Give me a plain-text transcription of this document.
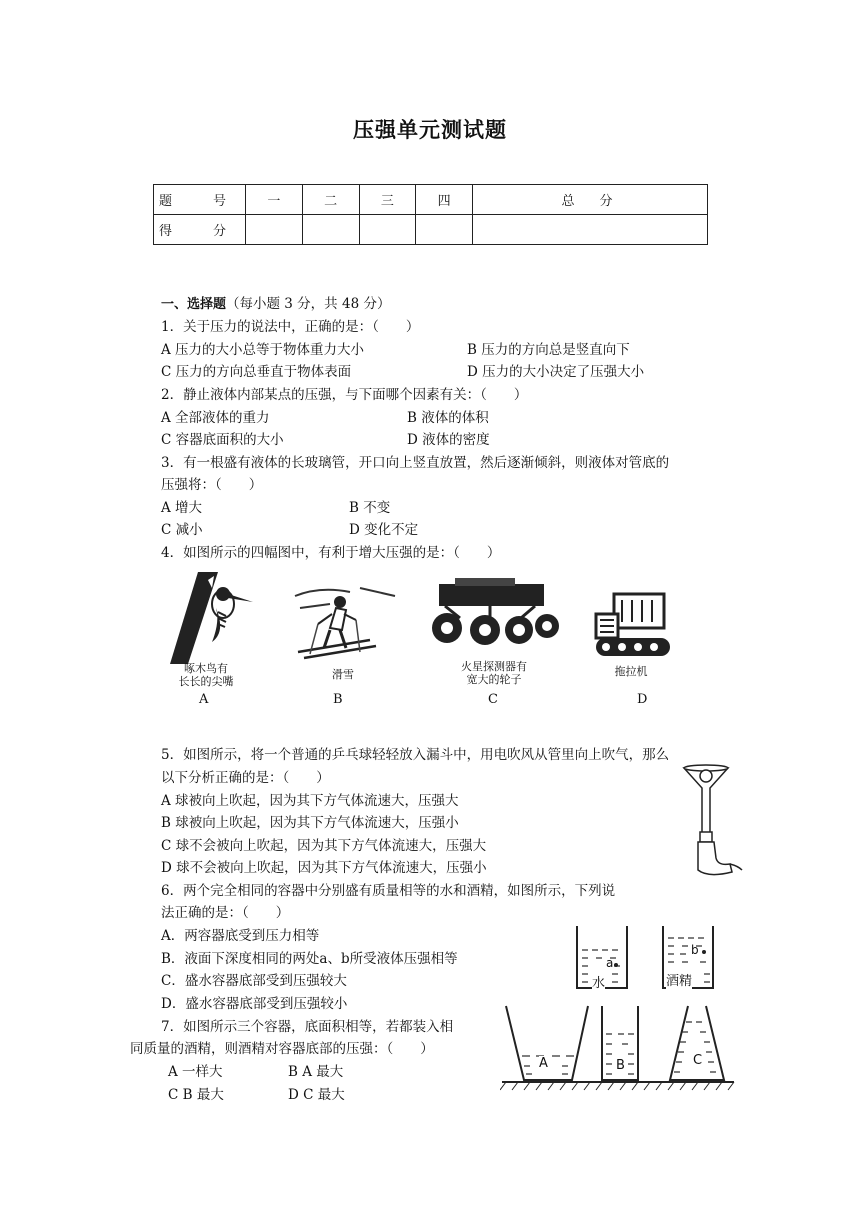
压强单元测试题
题　号	一	二	三	四	总　分
得　分					
一、选择题（每小题 3 分，共 48 分）
1．关于压力的说法中，正确的是：（　　）
A 压力的大小总等于物体重力大小	B 压力的方向总是竖直向下
C 压力的方向总垂直于物体表面	D 压力的大小决定了压强大小
2．静止液体内部某点的压强，与下面哪个因素有关：（　　）
A 全部液体的重力	B 液体的体积
C 容器底面积的大小	D 液体的密度
3．有一根盛有液体的长玻璃管，开口向上竖直放置，然后逐渐倾斜，则液体对管底的
压强将：（　　）
A 增大	B 不变
C 减小	D 变化不定
4．如图所示的四幅图中，有利于增大压强的是：（　　）
啄木鸟有
长长的尖嘴
A
滑雪
B
火星探测器有
宽大的轮子
C
拖拉机
D
5．如图所示，将一个普通的乒乓球轻轻放入漏斗中，用电吹风从管里向上吹气，那么
以下分析正确的是：（　　）
A 球被向上吹起，因为其下方气体流速大，压强大
B 球被向上吹起，因为其下方气体流速大，压强小
C 球不会被向上吹起，因为其下方气体流速大，压强大
D 球不会被向上吹起，因为其下方气体流速大，压强小
6．两个完全相同的容器中分别盛有质量相等的水和酒精，如图所示，下列说
法正确的是：（　　）
A．两容器底受到压力相等
B．液面下深度相同的两处a、b所受液体压强相等
C．盛水容器底部受到压强较大
D．盛水容器底部受到压强较小
a
水
b
酒精
7．如图所示三个容器，底面积相等，若都装入相
同质量的酒精，则酒精对容器底部的压强：（　　）
A 一样大	B A 最大
C B 最大	D C 最大
A	B	C
